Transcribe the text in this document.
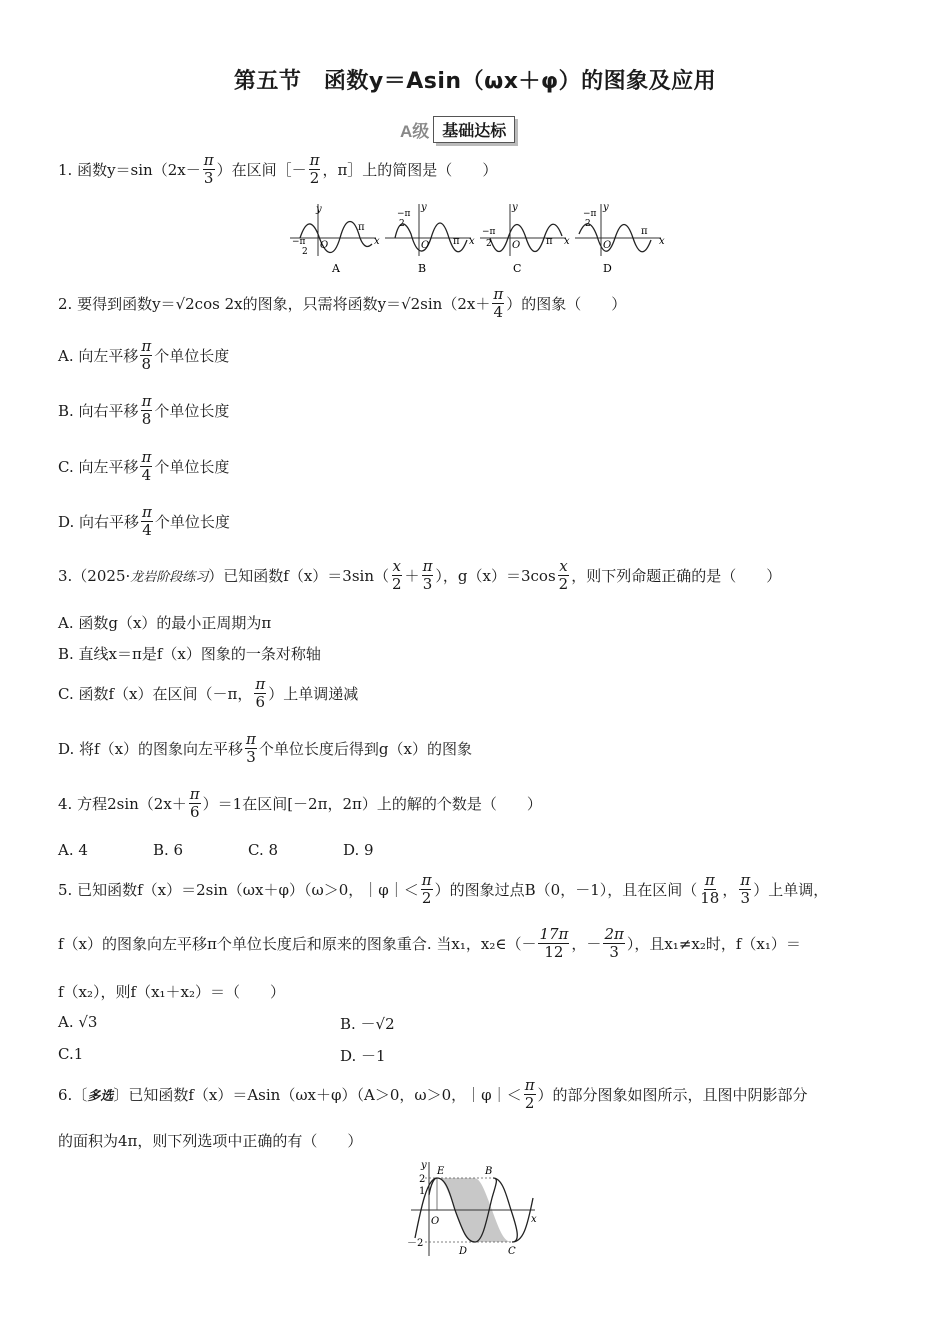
第五节　函数y＝Asin（ωx＋φ）的图象及应用
A级 基础达标
1. 函数$y=\sin(2x- \frac{\pi}{3}$ ）在区间［－ $\frac{\pi}{2}$ ，π］上的简图是（　　）
y
x
O
π
−π
2
A
y
x
O π
−π
2
B
y
x
O	π
−π
2
C
y
x
O
π
−π
2
D
2. 要得到函数y＝ √2 cos 2x的图象，只需将函数y＝ √2 $\sin(2x+ \frac{\pi}{4}$ ）的图象（　　）
A. 向左平移 $\frac{\pi}{8}$ 个单位长度
B. 向右平移 $\frac{\pi}{8}$ 个单位长度
C. 向左平移 $\frac{\pi}{4}$ 个单位长度
D. 向右平移 $\frac{\pi}{4}$ 个单位长度
3.（2025· 龙岩阶段练习 ）已知函数$f(x)=3\sin( \frac{x}{2} + \frac{\pi}{3}$ ），$g(x)=3\cos \frac{x}{2}$ ，则下列命题正确的是（　　）
A. 函数g（x）的最小正周期为π
B. 直线x＝π是f（x）图象的一条对称轴
C. 函数f（x）在区间（－π， $\frac{\pi}{6}$ ）上单调递减
D. 将f（x）的图象向左平移 $\frac{\pi}{3}$ 个单位长度后得到g（x）的图象
4. 方程$2\sin(2x+ \frac{\pi}{6} )=1$在区间[－2π，2π）上的解的个数是（　　）
A. 4	B. 6	C. 8	D. 9
5. 已知函数f（x）＝2sin（ωx＋φ）（ω＞0，｜φ｜＜ $\frac{\pi}{2}$ ）的图象过点B（0，－1），且在区间（ $\frac{\pi}{18}$ ， $\frac{\pi}{3}$ ）上单调，
f（x）的图象向左平移π个单位长度后和原来的图象重合. 当x₁，x₂∈（－ $\frac{17\pi}{12}$ ，－ $\frac{2\pi}{3}$ ），且x₁≠x₂时，f（x₁）＝
f（x₂），则f（x₁＋x₂）＝（　　）
A. √3	B. －√2
C.1	D. －1
6.〔 多选 〕已知函数f（x）＝Asin（ωx＋φ）（A＞0，ω＞0，｜φ｜＜ $\frac{\pi}{2}$ ）的部分图象如图所示，且图中阴影部分
的面积为4π，则下列选项中正确的有（　　）
y
x
O
2
1
－2
E	B
D	C
